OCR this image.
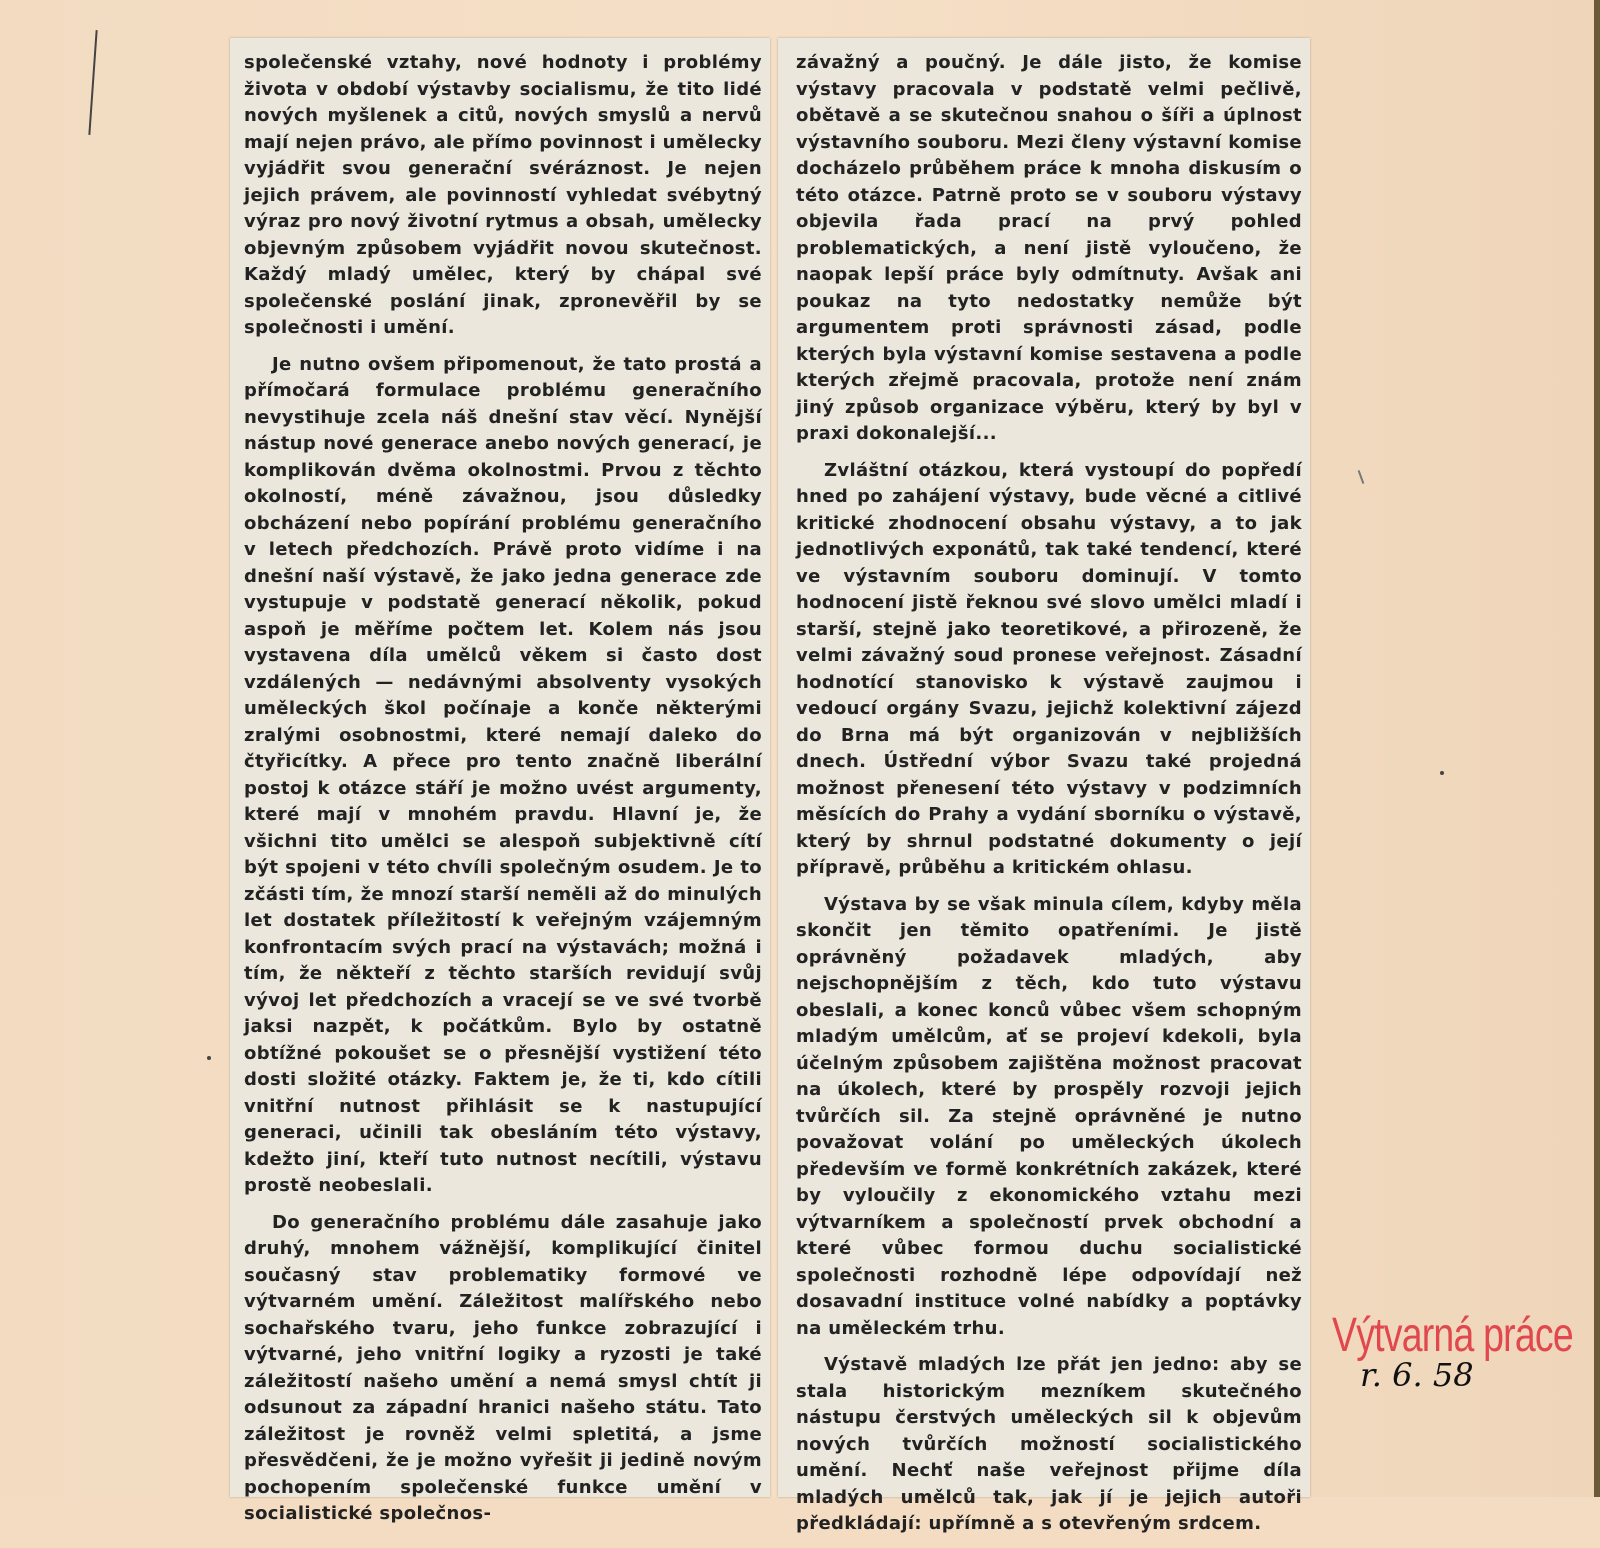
společenské vztahy, nové hodnoty i problémy života v období výstavby socialismu, že tito lidé nových myšlenek a citů, nových smyslů a nervů mají nejen právo, ale přímo povinnost i umělecky vyjádřit svou generační svéráznost. Je nejen jejich právem, ale povinností vyhledat svébytný výraz pro nový životní rytmus a obsah, umělecky objevným způsobem vyjádřit novou skutečnost. Každý mladý umělec, který by chápal své společenské poslání jinak, zpronevěřil by se společnosti i umění.

Je nutno ovšem připomenout, že tato prostá a přímočará formulace problému generačního nevystihuje zcela náš dnešní stav věcí. Nynější nástup nové generace anebo nových generací, je komplikován dvěma okolnostmi. Prvou z těchto okolností, méně závažnou, jsou důsledky obcházení nebo popírání problému generačního v letech předchozích. Právě proto vidíme i na dnešní naší výstavě, že jako jedna generace zde vystupuje v podstatě generací několik, pokud aspoň je měříme počtem let. Kolem nás jsou vystavena díla umělců věkem si často dost vzdálených — nedávnými absolventy vysokých uměleckých škol počínaje a konče některými zralými osobnostmi, které nemají daleko do čtyřicítky. A přece pro tento značně liberální postoj k otázce stáří je možno uvést argumenty, které mají v mnohém pravdu. Hlavní je, že všichni tito umělci se alespoň subjektivně cítí být spojeni v této chvíli společným osudem. Je to zčásti tím, že mnozí starší neměli až do minulých let dostatek příležitostí k veřejným vzájemným konfrontacím svých prací na výstavách; možná i tím, že někteří z těchto starších revidují svůj vývoj let předchozích a vracejí se ve své tvorbě jaksi nazpět, k počátkům. Bylo by ostatně obtížné pokoušet se o přesnější vystižení této dosti složité otázky. Faktem je, že ti, kdo cítili vnitřní nutnost přihlásit se k nastupující generaci, učinili tak obesláním této výstavy, kdežto jiní, kteří tuto nutnost necítili, výstavu prostě neobeslali.

Do generačního problému dále zasahuje jako druhý, mnohem vážnější, komplikující činitel současný stav problematiky formové ve výtvarném umění. Záležitost malířského nebo sochařského tvaru, jeho funkce zobrazující i výtvarné, jeho vnitřní logiky a ryzosti je také záležitostí našeho umění a nemá smysl chtít ji odsunout za západní hranici našeho státu. Tato záležitost je rovněž velmi spletitá, a jsme přesvědčeni, že je možno vyřešit ji jedině novým pochopením společenské funkce umění v socialistické společnos-

závažný a poučný. Je dále jisto, že komise výstavy pracovala v podstatě velmi pečlivě, obětavě a se skutečnou snahou o šíři a úplnost výstavního souboru. Mezi členy výstavní komise docházelo průběhem práce k mnoha diskusím o této otázce. Patrně proto se v souboru výstavy objevila řada prací na prvý pohled problematických, a není jistě vyloučeno, že naopak lepší práce byly odmítnuty. Avšak ani poukaz na tyto nedostatky nemůže být argumentem proti správnosti zásad, podle kterých byla výstavní komise sestavena a podle kterých zřejmě pracovala, protože není znám jiný způsob organizace výběru, který by byl v praxi dokonalejší...

Zvláštní otázkou, která vystoupí do popředí hned po zahájení výstavy, bude věcné a citlivé kritické zhodnocení obsahu výstavy, a to jak jednotlivých exponátů, tak také tendencí, které ve výstavním souboru dominují. V tomto hodnocení jistě řeknou své slovo umělci mladí i starší, stejně jako teoretikové, a přirozeně, že velmi závažný soud pronese veřejnost. Zásadní hodnotící stanovisko k výstavě zaujmou i vedoucí orgány Svazu, jejichž kolektivní zájezd do Brna má být organizován v nejbližších dnech. Ústřední výbor Svazu také projedná možnost přenesení této výstavy v podzimních měsících do Prahy a vydání sborníku o výstavě, který by shrnul podstatné dokumenty o její přípravě, průběhu a kritickém ohlasu.

Výstava by se však minula cílem, kdyby měla skončit jen těmito opatřeními. Je jistě oprávněný požadavek mladých, aby nejschopnějším z těch, kdo tuto výstavu obeslali, a konec konců vůbec všem schopným mladým umělcům, ať se projeví kdekoli, byla účelným způsobem zajištěna možnost pracovat na úkolech, které by prospěly rozvoji jejich tvůrčích sil. Za stejně oprávněné je nutno považovat volání po uměleckých úkolech především ve formě konkrétních zakázek, které by vyloučily z ekonomického vztahu mezi výtvarníkem a společností prvek obchodní a které vůbec formou duchu socialistické společnosti rozhodně lépe odpovídají než dosavadní instituce volné nabídky a poptávky na uměleckém trhu.

Výstavě mladých lze přát jen jedno: aby se stala historickým mezníkem skutečného nástupu čerstvých uměleckých sil k objevům nových tvůrčích možností socialistického umění. Nechť naše veřejnost přijme díla mladých umělců tak, jak jí je jejich autoři předkládají: upřímně a s otevřeným srdcem.

Výtvarná práce
r. 6. 58
